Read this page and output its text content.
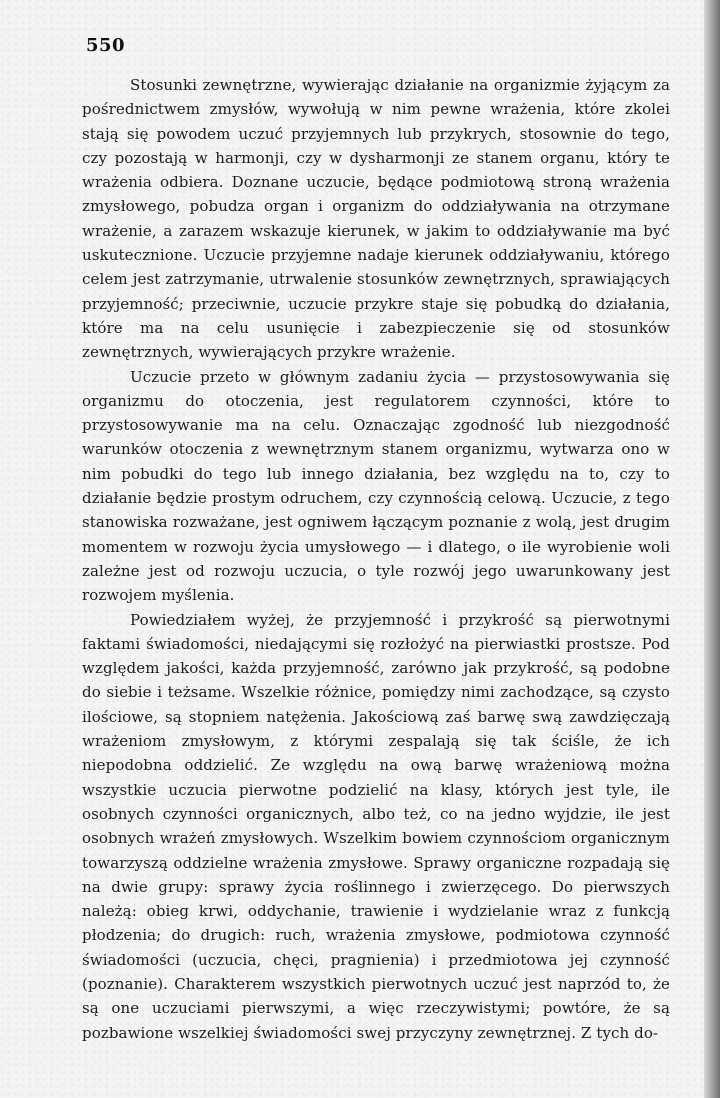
550

Stosunki zewnętrzne, wywierając działanie na organizmie żyjącym za pośrednictwem zmysłów, wywołują w nim pewne wrażenia, które zkolei stają się powodem uczuć przyjemnych lub przykrych, stosownie do tego, czy pozostają w harmonji, czy w dysharmonji ze stanem organu, który te wrażenia odbiera. Doznane uczucie, będące podmiotową stroną wrażenia zmysłowego, pobudza organ i organizm do oddziaływania na otrzymane wrażenie, a zarazem wskazuje kierunek, w jakim to oddziaływanie ma być uskutecznione. Uczucie przyjemne nadaje kierunek oddziaływaniu, którego celem jest zatrzymanie, utrwalenie stosunków zewnętrznych, sprawiających przyjemność; przeciwnie, uczucie przykre staje się pobudką do działania, które ma na celu usunięcie i zabezpieczenie się od stosunków zewnętrznych, wywierających przykre wrażenie.

Uczucie przeto w głównym zadaniu życia — przystosowywania się organizmu do otoczenia, jest regulatorem czynności, które to przystosowywanie ma na celu. Oznaczając zgodność lub niezgodność warunków otoczenia z wewnętrznym stanem organizmu, wytwarza ono w nim pobudki do tego lub innego działania, bez względu na to, czy to działanie będzie prostym odruchem, czy czynnością celową. Uczucie, z tego stanowiska rozważane, jest ogniwem łączącym poznanie z wolą, jest drugim momentem w rozwoju życia umysłowego — i dlatego, o ile wyrobienie woli zależne jest od rozwoju uczucia, o tyle rozwój jego uwarunkowany jest rozwojem myślenia.

Powiedziałem wyżej, że przyjemność i przykrość są pierwotnymi faktami świadomości, niedającymi się rozłożyć na pierwiastki prostsze. Pod względem jakości, każda przyjemność, zarówno jak przykrość, są podobne do siebie i teżsame. Wszelkie różnice, pomiędzy nimi zachodzące, są czysto ilościowe, są stopniem natężenia. Jakościową zaś barwę swą zawdzięczają wrażeniom zmysłowym, z którymi zespalają się tak ściśle, że ich niepodobna oddzielić. Ze względu na ową barwę wrażeniową można wszystkie uczucia pierwotne podzielić na klasy, których jest tyle, ile osobnych czynności organicznych, albo też, co na jedno wyjdzie, ile jest osobnych wrażeń zmysłowych. Wszelkim bowiem czynnościom organicznym towarzyszą oddzielne wrażenia zmysłowe. Sprawy organiczne rozpadają się na dwie grupy: sprawy życia roślinnego i zwierzęcego. Do pierwszych należą: obieg krwi, oddychanie, trawienie i wydzielanie wraz z funkcją płodzenia; do drugich: ruch, wrażenia zmysłowe, podmiotowa czynność świadomości (uczucia, chęci, pragnienia) i przedmiotowa jej czynność (poznanie). Charakterem wszystkich pierwotnych uczuć jest naprzód to, że są one uczuciami pierwszymi, a więc rzeczywistymi; powtóre, że są pozbawione wszelkiej świadomości swej przyczyny zewnętrznej. Z tych do-
